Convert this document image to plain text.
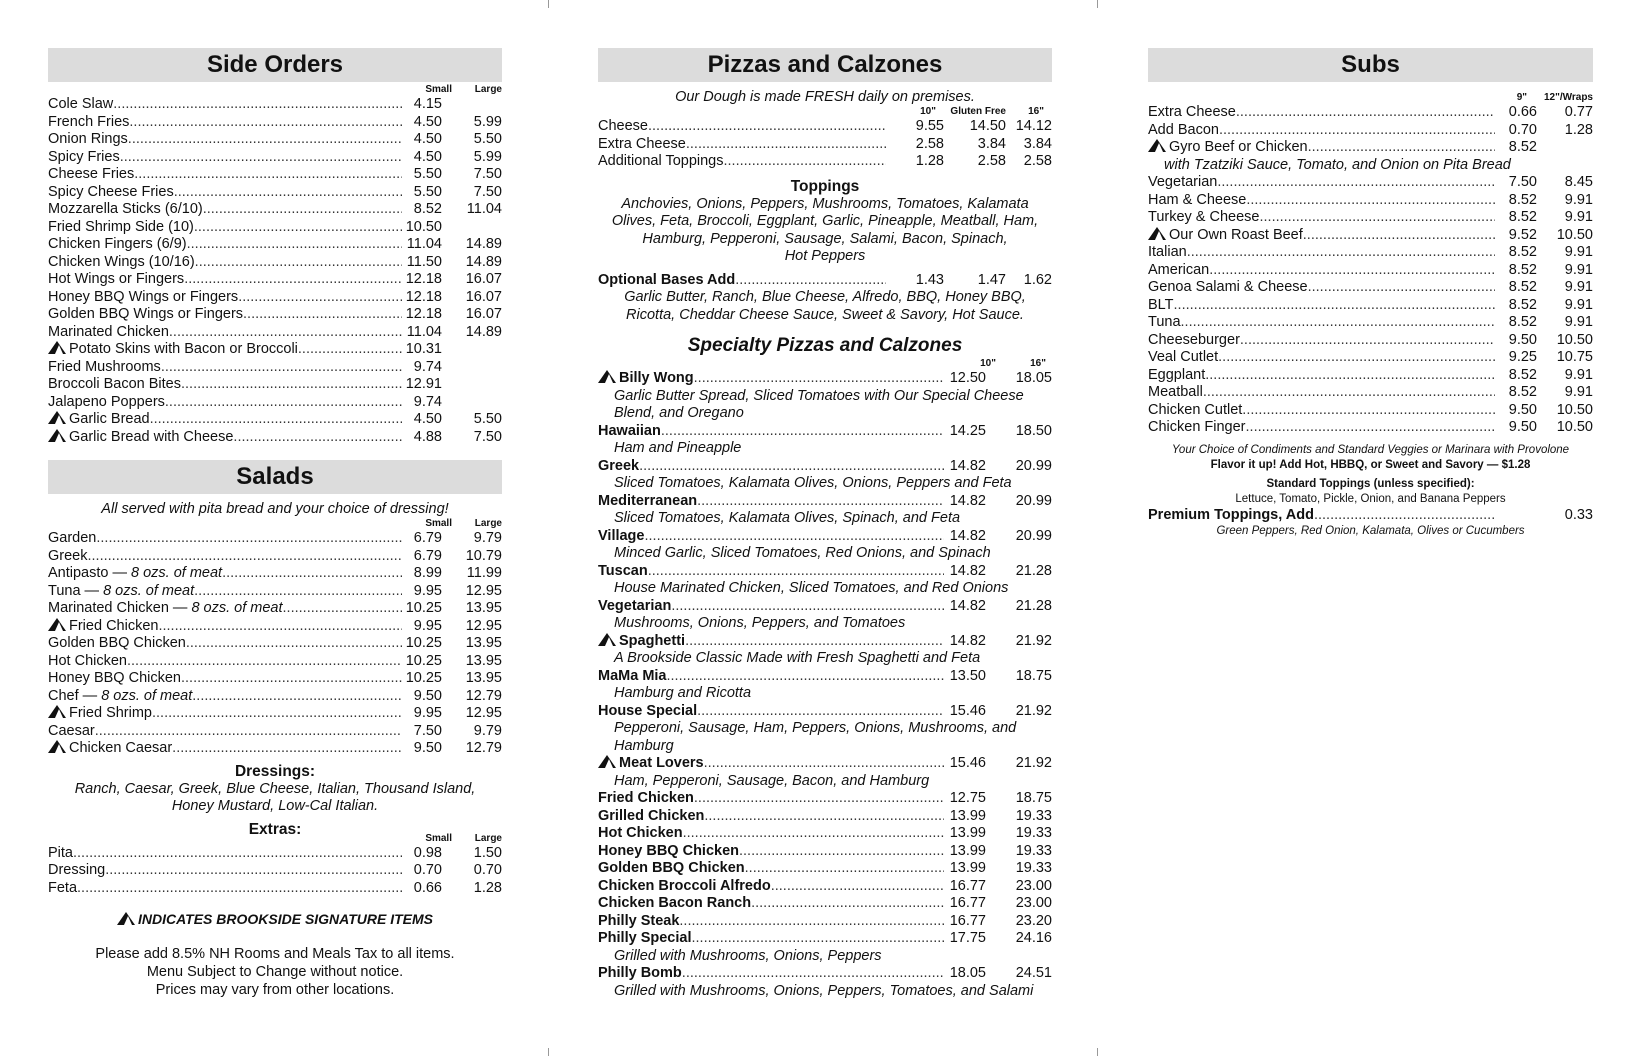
Side Orders
Small	Large
Cole Slaw .....	4.15
French Fries .....	4.50	5.99
Onion Rings .....	4.50	5.50
Spicy Fries .....	4.50	5.99
Cheese Fries .....	5.50	7.50
Spicy Cheese Fries .....	5.50	7.50
Mozzarella Sticks (6/10) .....	8.52	11.04
Fried Shrimp Side (10) .....	10.50
Chicken Fingers (6/9) .....	11.04	14.89
Chicken Wings (10/16) .....	11.50	14.89
Hot Wings or Fingers .....	12.18	16.07
Honey BBQ Wings or Fingers .....	12.18	16.07
Golden BBQ Wings or Fingers .....	12.18	16.07
Marinated Chicken .....	11.04	14.89
Potato Skins with Bacon or Broccoli .....	10.31
Fried Mushrooms .....	9.74
Broccoli Bacon Bites .....	12.91
Jalapeno Poppers .....	9.74
Garlic Bread .....	4.50	5.50
Garlic Bread with Cheese .....	4.88	7.50
Salads
All served with pita bread and your choice of dressing!
Small	Large
Garden .....	6.79	9.79
Greek .....	6.79	10.79
Antipasto — 8 ozs. of meat .....	8.99	11.99
Tuna — 8 ozs. of meat .....	9.95	12.95
Marinated Chicken — 8 ozs. of meat .....	10.25	13.95
Fried Chicken .....	9.95	12.95
Golden BBQ Chicken .....	10.25	13.95
Hot Chicken .....	10.25	13.95
Honey BBQ Chicken .....	10.25	13.95
Chef — 8 ozs. of meat .....	9.50	12.79
Fried Shrimp .....	9.95	12.95
Caesar .....	7.50	9.79
Chicken Caesar .....	9.50	12.79
Dressings:
Ranch, Caesar, Greek, Blue Cheese, Italian, Thousand Island,
Honey Mustard, Low-Cal Italian.
Extras:
Small	Large
Pita .....	0.98	1.50
Dressing .....	0.70	0.70
Feta .....	0.66	1.28
INDICATES BROOKSIDE SIGNATURE ITEMS
Please add 8.5% NH Rooms and Meals Tax to all items.
Menu Subject to Change without notice.
Prices may vary from other locations.
Pizzas and Calzones
Our Dough is made FRESH daily on premises.
10"	Gluten Free	16"
Cheese .....	9.55	14.50 14.12
Extra Cheese .....	2.58	3.84	3.84
Additional Toppings .....	1.28	2.58	2.58
Toppings
Anchovies, Onions, Peppers, Mushrooms, Tomatoes, Kalamata
Olives, Feta, Broccoli, Eggplant, Garlic, Pineapple, Meatball, Ham,
Hamburg, Pepperoni, Sausage, Salami, Bacon, Spinach,
Hot Peppers
Optional Bases Add .....	1.43	1.47	1.62
Garlic Butter, Ranch, Blue Cheese, Alfredo, BBQ, Honey BBQ,
Ricotta, Cheddar Cheese Sauce, Sweet & Savory, Hot Sauce.
Specialty Pizzas and Calzones
10"	16"
Billy Wong .....	12.50	18.05
Garlic Butter Spread, Sliced Tomatoes with Our Special Cheese
Blend, and Oregano
Hawaiian .....	14.25	18.50
Ham and Pineapple
Greek .....	14.82	20.99
Sliced Tomatoes, Kalamata Olives, Onions, Peppers and Feta
Mediterranean .....	14.82	20.99
Sliced Tomatoes, Kalamata Olives, Spinach, and Feta
Village .....	14.82	20.99
Minced Garlic, Sliced Tomatoes, Red Onions, and Spinach
Tuscan .....	14.82	21.28
House Marinated Chicken, Sliced Tomatoes, and Red Onions
Vegetarian .....	14.82	21.28
Mushrooms, Onions, Peppers, and Tomatoes
Spaghetti .....	14.82	21.92
A Brookside Classic Made with Fresh Spaghetti and Feta
MaMa Mia .....	13.50	18.75
Hamburg and Ricotta
House Special .....	15.46	21.92
Pepperoni, Sausage, Ham, Peppers, Onions, Mushrooms, and
Hamburg
Meat Lovers .....	15.46	21.92
Ham, Pepperoni, Sausage, Bacon, and Hamburg
Fried Chicken .....	12.75	18.75
Grilled Chicken .....	13.99	19.33
Hot Chicken .....	13.99	19.33
Honey BBQ Chicken .....	13.99	19.33
Golden BBQ Chicken .....	13.99	19.33
Chicken Broccoli Alfredo .....	16.77	23.00
Chicken Bacon Ranch .....	16.77	23.00
Philly Steak .....	16.77	23.20
Philly Special .....	17.75	24.16
Grilled with Mushrooms, Onions, Peppers
Philly Bomb .....	18.05	24.51
Grilled with Mushrooms, Onions, Peppers, Tomatoes, and Salami
Subs
9"	12"/Wraps
Extra Cheese .....	0.66	0.77
Add Bacon .....	0.70	1.28
Gyro Beef or Chicken .....	8.52
with Tzatziki Sauce, Tomato, and Onion on Pita Bread
Vegetarian .....	7.50	8.45
Ham & Cheese .....	8.52	9.91
Turkey & Cheese .....	8.52	9.91
Our Own Roast Beef .....	9.52	10.50
Italian .....	8.52	9.91
American .....	8.52	9.91
Genoa Salami & Cheese .....	8.52	9.91
BLT .....	8.52	9.91
Tuna .....	8.52	9.91
Cheeseburger .....	9.50	10.50
Veal Cutlet .....	9.25	10.75
Eggplant .....	8.52	9.91
Meatball .....	8.52	9.91
Chicken Cutlet .....	9.50	10.50
Chicken Finger .....	9.50	10.50
Your Choice of Condiments and Standard Veggies or Marinara with Provolone
Flavor it up! Add Hot, HBBQ, or Sweet and Savory — $1.28
Standard Toppings (unless specified):
Lettuce, Tomato, Pickle, Onion, and Banana Peppers
Premium Toppings, Add .....	0.33
Green Peppers, Red Onion, Kalamata, Olives or Cucumbers
